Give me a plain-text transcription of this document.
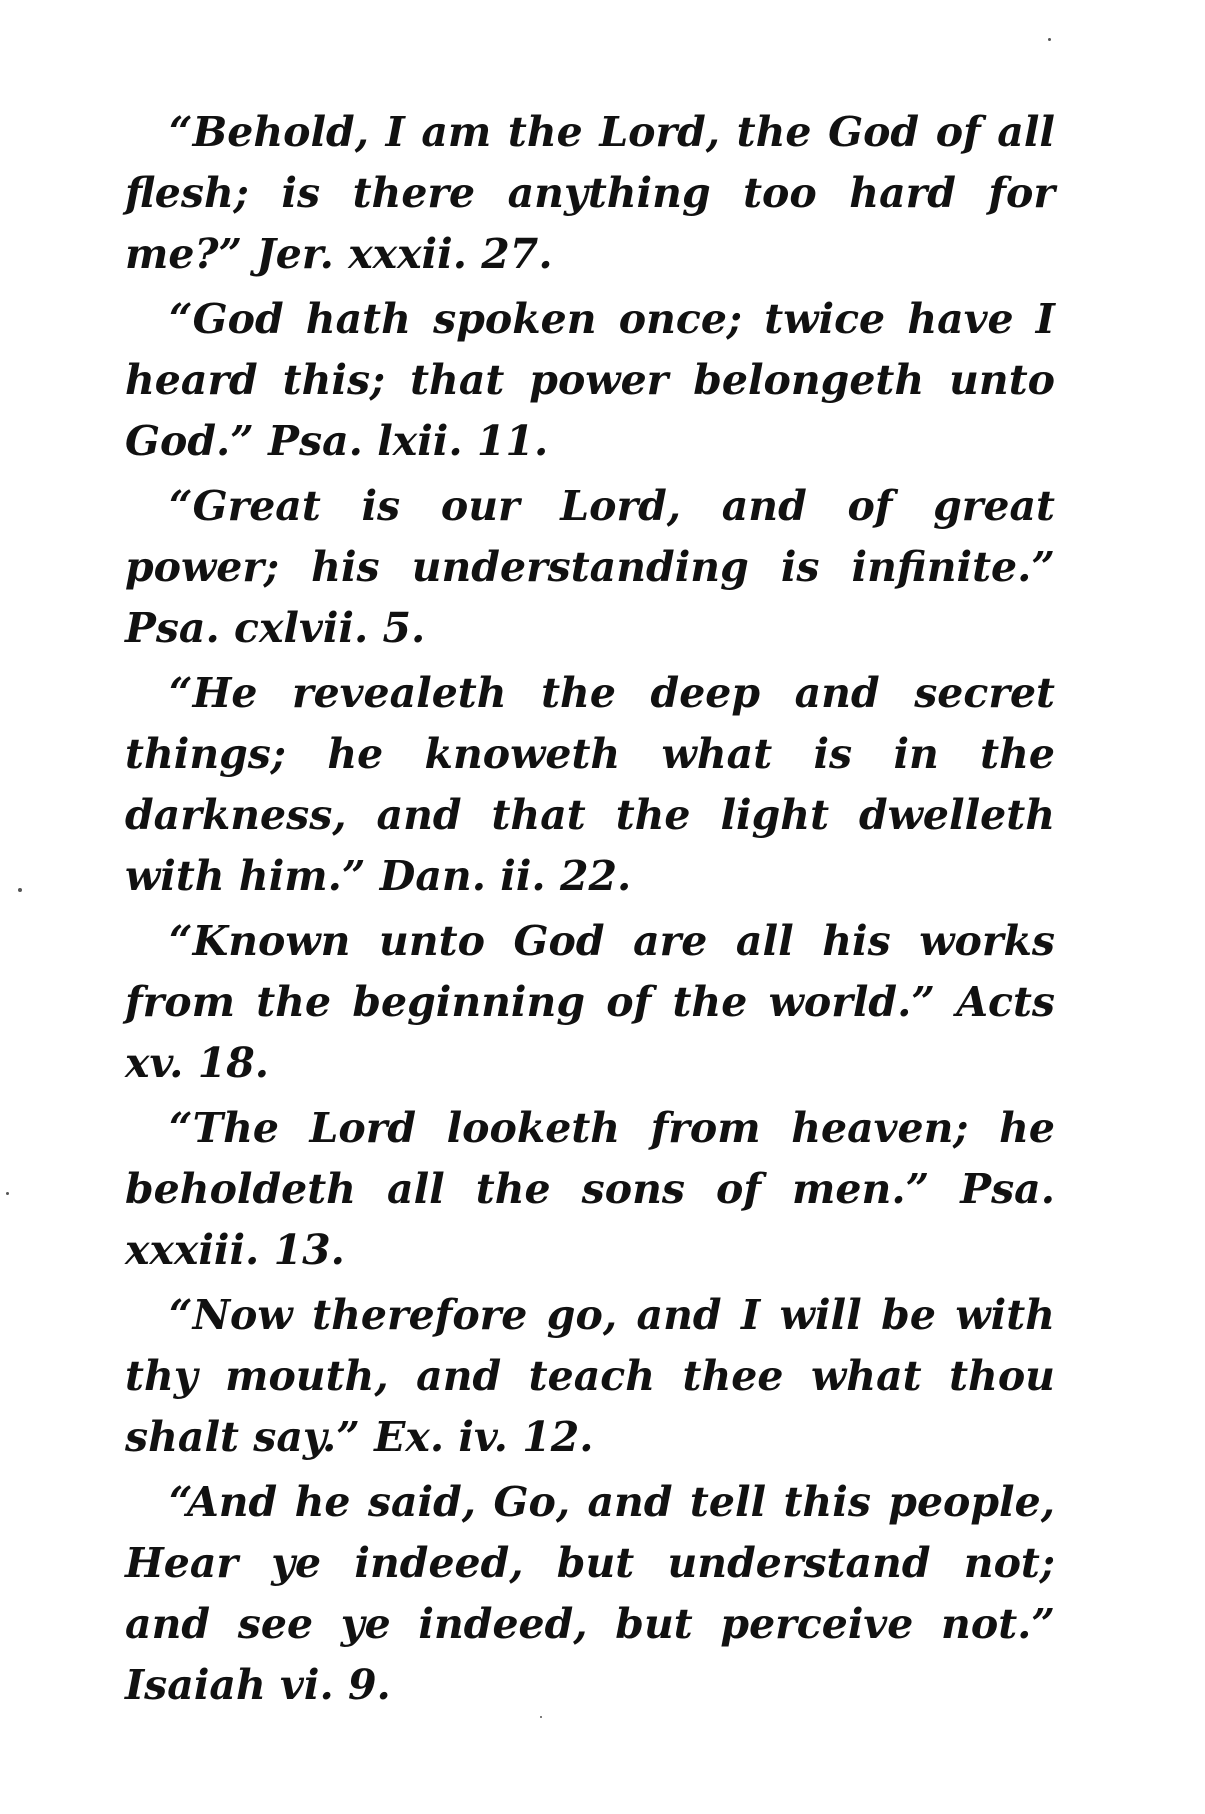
“Behold, I am the Lord, the God of all flesh; is there anything too hard for me?” Jer. xxxii. 27.

“God hath spoken once; twice have I heard this; that power belongeth unto God.” Psa. lxii. 11.

“Great is our Lord, and of great power; his understanding is infinite.” Psa. cxlvii. 5.

“He revealeth the deep and secret things; he knoweth what is in the darkness, and that the light dwelleth with him.” Dan. ii. 22.

“Known unto God are all his works from the beginning of the world.” Acts xv. 18.

“The Lord looketh from heaven; he beholdeth all the sons of men.” Psa. xxxiii. 13.

“Now therefore go, and I will be with thy mouth, and teach thee what thou shalt say.” Ex. iv. 12.

“And he said, Go, and tell this people, Hear ye indeed, but understand not; and see ye indeed, but perceive not.” Isaiah vi. 9.
